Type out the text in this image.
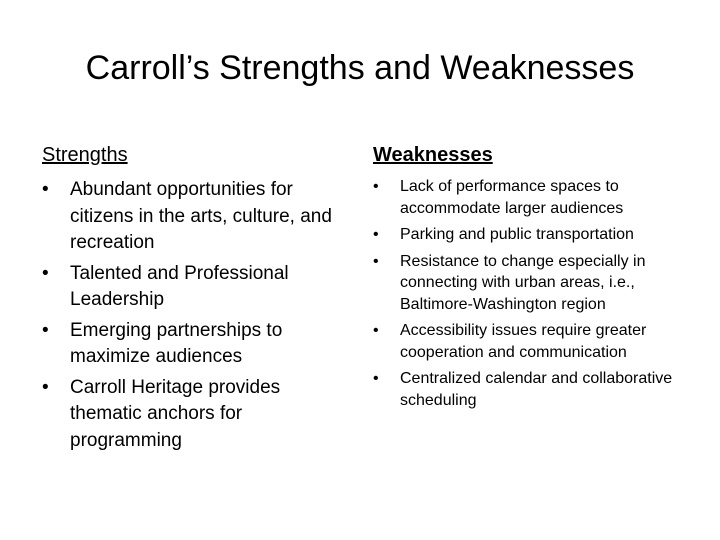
Carroll’s Strengths and Weaknesses

Strengths

• Abundant opportunities for citizens in the arts, culture, and recreation
• Talented and Professional Leadership
• Emerging partnerships to maximize audiences
• Carroll Heritage provides thematic anchors for programming

Weaknesses

• Lack of performance spaces to accommodate larger audiences
• Parking and public transportation
• Resistance to change especially in connecting with urban areas, i.e., Baltimore-Washington region
• Accessibility issues require greater cooperation and communication
• Centralized calendar and collaborative scheduling
